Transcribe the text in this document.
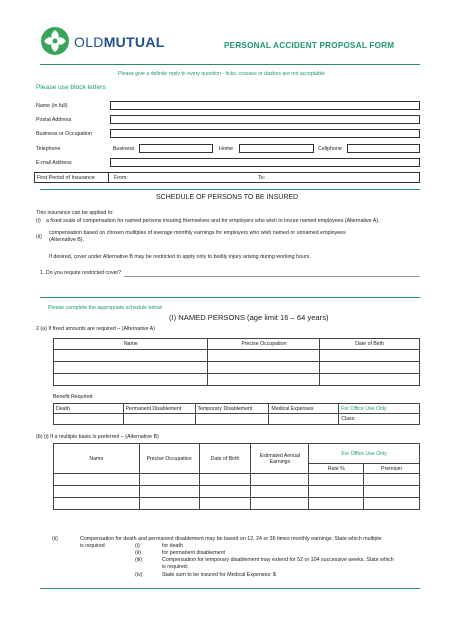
OLDMUTUAL	PERSONAL ACCIDENT PROPOSAL FORM
Please give a definite reply to every question - ticks, crosses or dashes are not acceptable
Please use block letters
Name (in full)
Postal Address
Business or Occupation
Telephone	Business	Home	Cellphone
E-mail Address
First Period of Insurance	From:	To:
SCHEDULE OF PERSONS TO BE INSURED
This insurance can be applied to:
(i) a fixed scale of compensation for named persons insuring themselves and for employers who wish to insure named employees (Alternative A).
(ii)
compensation based on chosen multiples of average monthly earnings for employers who wish named or unnamed employees
(Alternative B).
If desired, cover under Alternative B may be restricted to apply only to bodily injury arising during working hours.
1. Do you require restricted cover?
Please complete the appropriate schedule below
(I) NAMED PERSONS (age limit 16 – 64 years)
2 (a) If fixed amounts are required – (Alternative A)
Name	Precise Occupation	Date of Birth

Benefit Required
Death	Permanent Disablement	Temporary Disablement	Medical Expenses	For Office Use Only
				Class:
(b) (i) If a multiple basis is preferred – (Alternative B)
Name	Precise Occupation	Date of Birth	Estimated Annual Earnings	For Office Use Only	
				Rate %	Premium

(ii)	Compensation for death and permanent disablement may be based on 12, 24 or 36 times monthly earnings. State which multiple
is required	(i)	for death
(ii)	for permanent disablement
(iii)	Compensation for temporary disablement may extend for 52 or 104 successive weeks. State which
is required:
(iv)	State sum to be insured for Medical Expenses: $
